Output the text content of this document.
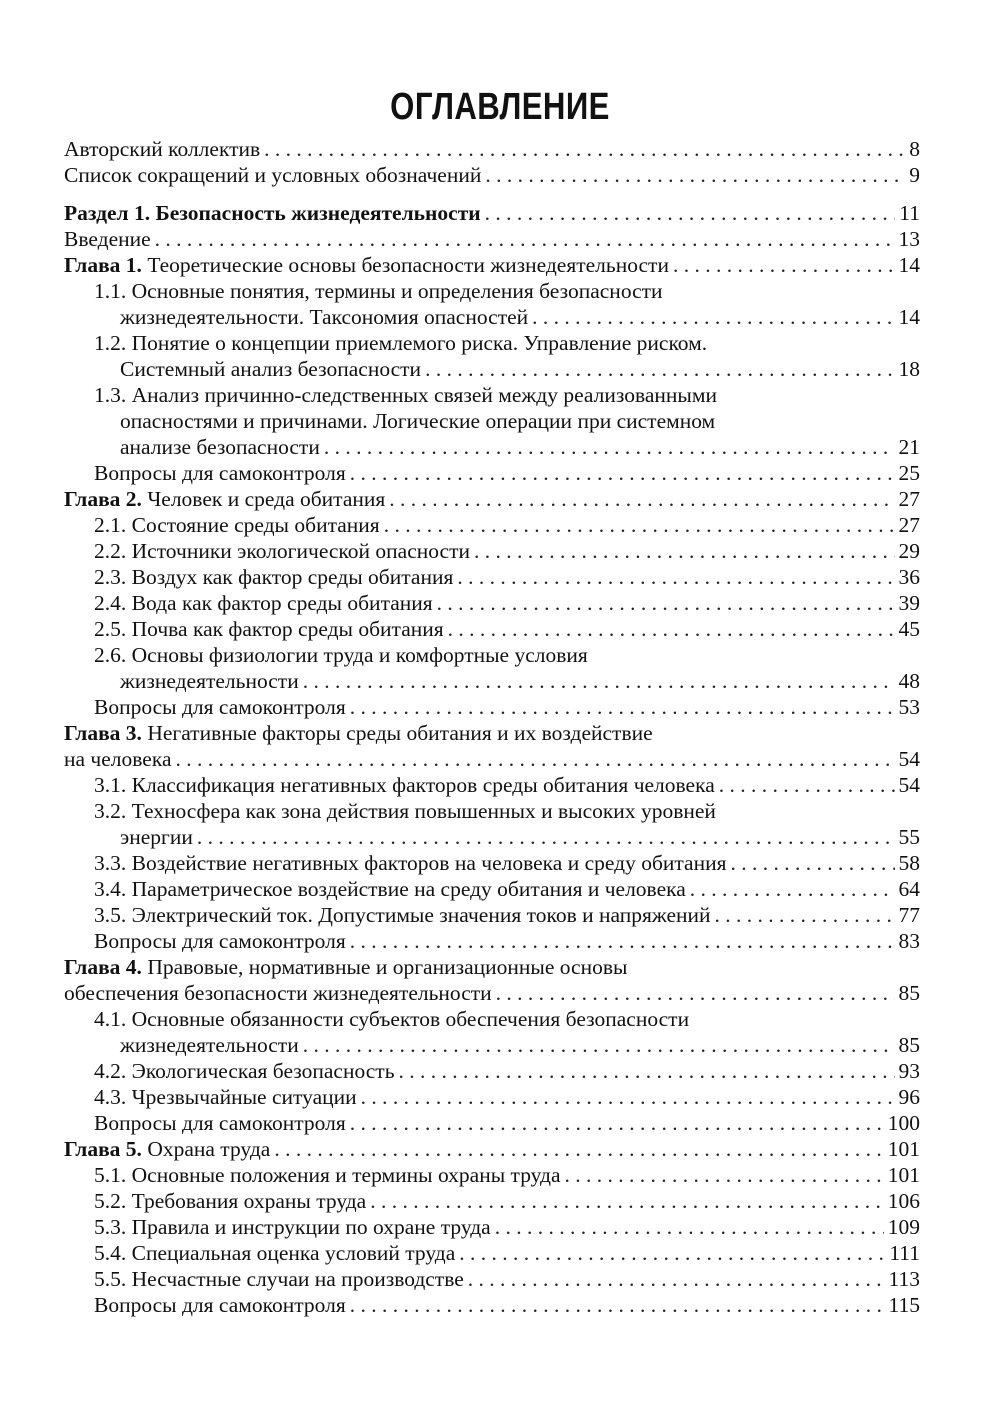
ОГЛАВЛЕНИЕ
Авторский коллектив . . .	8
Список сокращений и условных обозначений . . .	9
Раздел 1. Безопасность жизнедеятельности . . .	11
Введение . . .	13
Глава 1. Теоретические основы безопасности жизнедеятельности . . .	14
1.1. Основные понятия, термины и определения безопасности
жизнедеятельности. Таксономия опасностей . . .	14
1.2. Понятие о концепции приемлемого риска. Управление риском.
Системный анализ безопасности . . .	18
1.3. Анализ причинно-следственных связей между реализованными
опасностями и причинами. Логические операции при системном
анализе безопасности . . .	21
Вопросы для самоконтроля . . .	25
Глава 2. Человек и среда обитания . . .	27
2.1. Состояние среды обитания . . .	27
2.2. Источники экологической опасности . . .	29
2.3. Воздух как фактор среды обитания . . .	36
2.4. Вода как фактор среды обитания . . .	39
2.5. Почва как фактор среды обитания . . .	45
2.6. Основы физиологии труда и комфортные условия
жизнедеятельности . . .	48
Вопросы для самоконтроля . . .	53
Глава 3. Негативные факторы среды обитания и их воздействие
на человека . . .	54
3.1. Классификация негативных факторов среды обитания человека . . .	54
3.2. Техносфера как зона действия повышенных и высоких уровней
энергии . . .	55
3.3. Воздействие негативных факторов на человека и среду обитания . . .	58
3.4. Параметрическое воздействие на среду обитания и человека . . .	64
3.5. Электрический ток. Допустимые значения токов и напряжений . . .	77
Вопросы для самоконтроля . . .	83
Глава 4. Правовые, нормативные и организационные основы
обеспечения безопасности жизнедеятельности . . .	85
4.1. Основные обязанности субъектов обеспечения безопасности
жизнедеятельности . . .	85
4.2. Экологическая безопасность . . .	93
4.3. Чрезвычайные ситуации . . .	96
Вопросы для самоконтроля . . .	100
Глава 5. Охрана труда . . .	101
5.1. Основные положения и термины охраны труда . . .	101
5.2. Требования охраны труда . . .	106
5.3. Правила и инструкции по охране труда . . .	109
5.4. Специальная оценка условий труда . . .	111
5.5. Несчастные случаи на производстве . . .	113
Вопросы для самоконтроля . . .	115
